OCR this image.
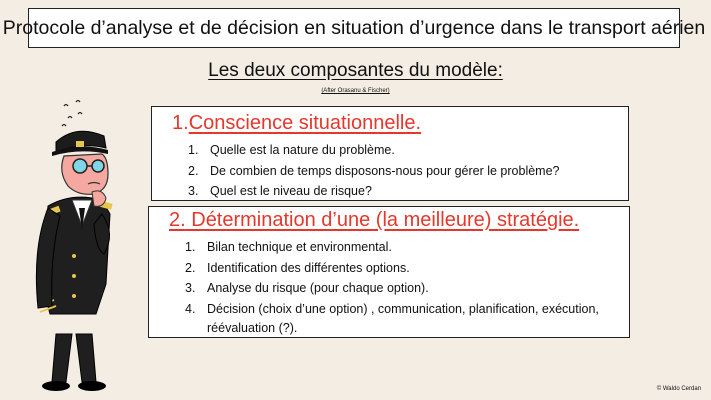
Protocole d’analyse et de décision en situation d’urgence dans le transport aérien
Les deux composantes du modèle:
(After Orasanu & Fischer)
1.Conscience situationnelle.
1. Quelle est la nature du problème.
2. De combien de temps disposons-nous pour gérer le problème?
3. Quel est le niveau de risque?
2. Détermination d’une (la meilleure) stratégie.
1. Bilan technique et environmental.
2. Identification des différentes options.
3. Analyse du risque (pour chaque option).
4. Décision (choix d’une option) , communication, planification, exécution, réévaluation (?).
© Waldo Cerdan
